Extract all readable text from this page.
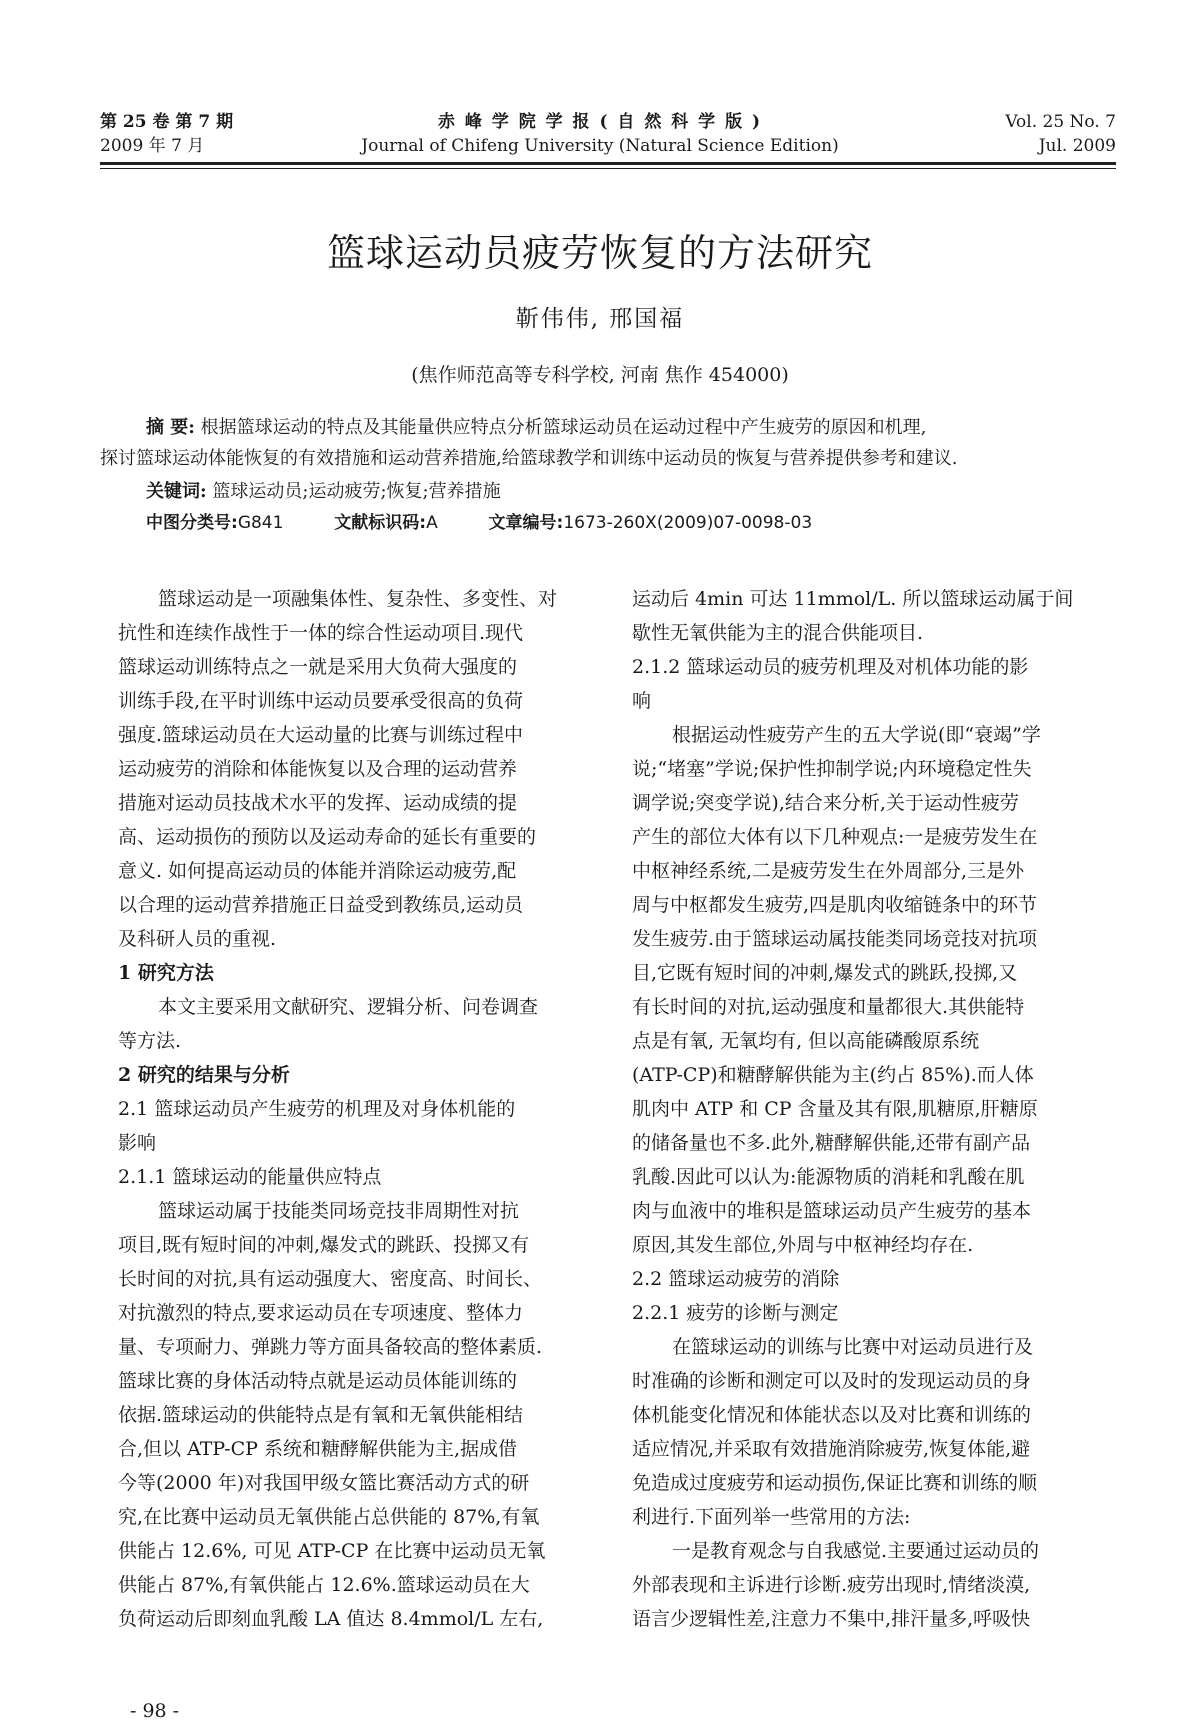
第 25 卷 第 7 期
2009 年 7 月
赤 峰 学 院 学 报 ( 自 然 科 学 版 )
Journal of Chifeng University (Natural Science Edition)
Vol. 25 No. 7
Jul. 2009
篮球运动员疲劳恢复的方法研究
靳伟伟, 邢国福
(焦作师范高等专科学校, 河南 焦作 454000)
摘 要: 根据篮球运动的特点及其能量供应特点分析篮球运动员在运动过程中产生疲劳的原因和机理,
探讨篮球运动体能恢复的有效措施和运动营养措施,给篮球教学和训练中运动员的恢复与营养提供参考和建议.
关键词: 篮球运动员;运动疲劳;恢复;营养措施
中图分类号:G841	文献标识码:A	文章编号:1673-260X(2009)07-0098-03
篮球运动是一项融集体性、复杂性、多变性、对
抗性和连续作战性于一体的综合性运动项目.现代
篮球运动训练特点之一就是采用大负荷大强度的
训练手段,在平时训练中运动员要承受很高的负荷
强度.篮球运动员在大运动量的比赛与训练过程中
运动疲劳的消除和体能恢复以及合理的运动营养
措施对运动员技战术水平的发挥、运动成绩的提
高、运动损伤的预防以及运动寿命的延长有重要的
意义. 如何提高运动员的体能并消除运动疲劳,配
以合理的运动营养措施正日益受到教练员,运动员
及科研人员的重视.
1 研究方法
本文主要采用文献研究、逻辑分析、问卷调查
等方法.
2 研究的结果与分析
2.1 篮球运动员产生疲劳的机理及对身体机能的
影响
2.1.1 篮球运动的能量供应特点
篮球运动属于技能类同场竞技非周期性对抗
项目,既有短时间的冲刺,爆发式的跳跃、投掷又有
长时间的对抗,具有运动强度大、密度高、时间长、
对抗激烈的特点,要求运动员在专项速度、整体力
量、专项耐力、弹跳力等方面具备较高的整体素质.
篮球比赛的身体活动特点就是运动员体能训练的
依据.篮球运动的供能特点是有氧和无氧供能相结
合,但以 ATP-CP 系统和糖酵解供能为主,据成借
今等(2000 年)对我国甲级女篮比赛活动方式的研
究,在比赛中运动员无氧供能占总供能的 87%,有氧
供能占 12.6%, 可见 ATP-CP 在比赛中运动员无氧
供能占 87%,有氧供能占 12.6%.篮球运动员在大
负荷运动后即刻血乳酸 LA 值达 8.4mmol/L 左右,
运动后 4min 可达 11mmol/L. 所以篮球运动属于间
歇性无氧供能为主的混合供能项目.
2.1.2 篮球运动员的疲劳机理及对机体功能的影
响
根据运动性疲劳产生的五大学说(即“衰竭”学
说;“堵塞”学说;保护性抑制学说;内环境稳定性失
调学说;突变学说),结合来分析,关于运动性疲劳
产生的部位大体有以下几种观点:一是疲劳发生在
中枢神经系统,二是疲劳发生在外周部分,三是外
周与中枢都发生疲劳,四是肌肉收缩链条中的环节
发生疲劳.由于篮球运动属技能类同场竞技对抗项
目,它既有短时间的冲刺,爆发式的跳跃,投掷,又
有长时间的对抗,运动强度和量都很大.其供能特
点是有氧, 无氧均有, 但以高能磷酸原系统
(ATP-CP)和糖酵解供能为主(约占 85%).而人体
肌肉中 ATP 和 CP 含量及其有限,肌糖原,肝糖原
的储备量也不多.此外,糖酵解供能,还带有副产品
乳酸.因此可以认为:能源物质的消耗和乳酸在肌
肉与血液中的堆积是篮球运动员产生疲劳的基本
原因,其发生部位,外周与中枢神经均存在.
2.2 篮球运动疲劳的消除
2.2.1 疲劳的诊断与测定
在篮球运动的训练与比赛中对运动员进行及
时准确的诊断和测定可以及时的发现运动员的身
体机能变化情况和体能状态以及对比赛和训练的
适应情况,并采取有效措施消除疲劳,恢复体能,避
免造成过度疲劳和运动损伤,保证比赛和训练的顺
利进行.下面列举一些常用的方法:
一是教育观念与自我感觉.主要通过运动员的
外部表现和主诉进行诊断.疲劳出现时,情绪淡漠,
语言少逻辑性差,注意力不集中,排汗量多,呼吸快
- 98 -
